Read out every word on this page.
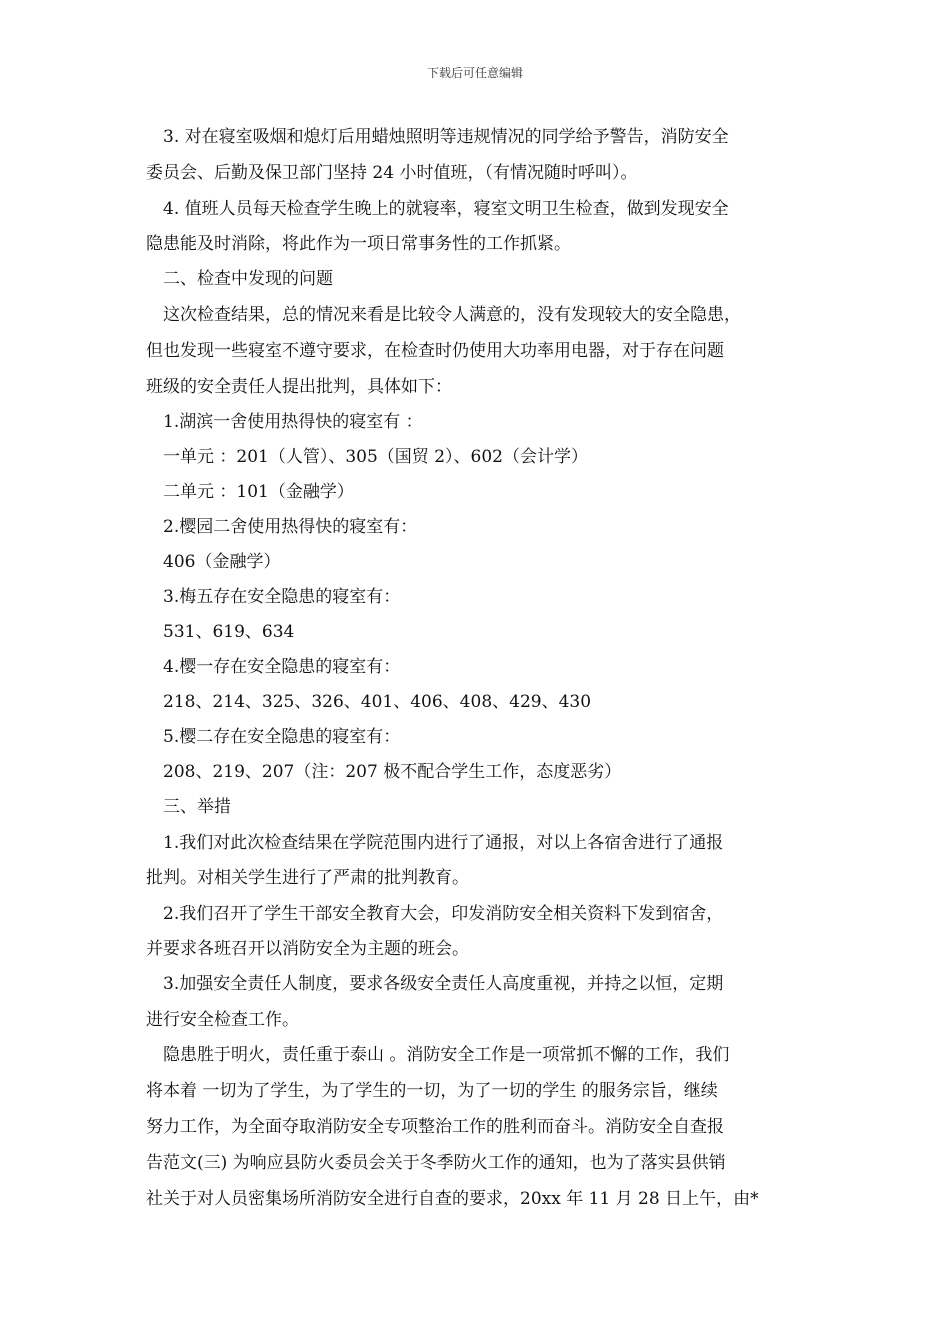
下载后可任意编辑
3. 对在寝室吸烟和熄灯后用蜡烛照明等违规情况的同学给予警告，消防安全
委员会、后勤及保卫部门坚持 24 小时值班，（有情况随时呼叫）。
4. 值班人员每天检查学生晚上的就寝率，寝室文明卫生检查，做到发现安全
隐患能及时消除，将此作为一项日常事务性的工作抓紧。
二、检查中发现的问题
这次检查结果，总的情况来看是比较令人满意的，没有发现较大的安全隐患，
但也发现一些寝室不遵守要求，在检查时仍使用大功率用电器，对于存在问题
班级的安全责任人提出批判，具体如下：
1.湖滨一舍使用热得快的寝室有 ：
一单元 ：201（人管）、305（国贸 2）、602（会计学）
二单元 ：101（金融学）
2.樱园二舍使用热得快的寝室有：
406（金融学）
3.梅五存在安全隐患的寝室有：
531、619、634
4.樱一存在安全隐患的寝室有：
218、214、325、326、401、406、408、429、430
5.樱二存在安全隐患的寝室有：
208、219、207（注：207 极不配合学生工作，态度恶劣）
三、举措
1.我们对此次检查结果在学院范围内进行了通报，对以上各宿舍进行了通报
批判。对相关学生进行了严肃的批判教育。
2.我们召开了学生干部安全教育大会，印发消防安全相关资料下发到宿舍，
并要求各班召开以消防安全为主题的班会。
3.加强安全责任人制度，要求各级安全责任人高度重视，并持之以恒，定期
进行安全检查工作。
隐患胜于明火，责任重于泰山 。消防安全工作是一项常抓不懈的工作，我们
将本着 一切为了学生，为了学生的一切，为了一切的学生 的服务宗旨，继续
努力工作，为全面夺取消防安全专项整治工作的胜利而奋斗。消防安全自查报
告范文(三) 为响应县防火委员会关于冬季防火工作的通知，也为了落实县供销
社关于对人员密集场所消防安全进行自查的要求，20xx 年 11 月 28 日上午，由*
